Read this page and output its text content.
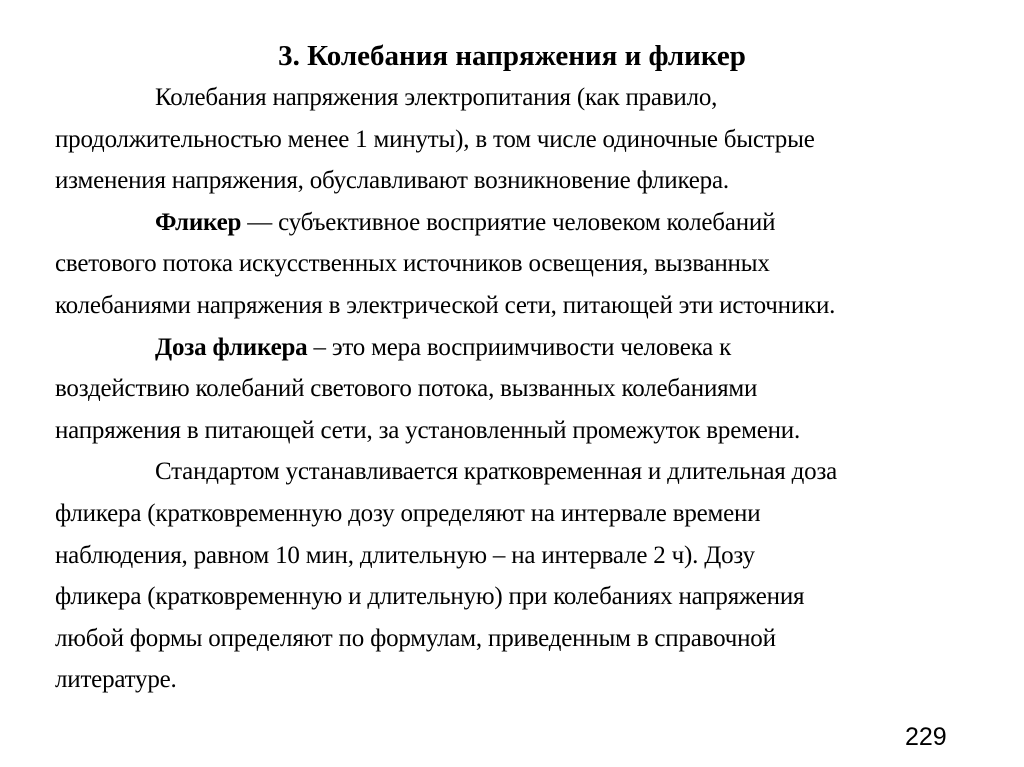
3. Колебания напряжения и фликер
Колебания напряжения электропитания (как правило,
продолжительностью менее 1 минуты), в том числе одиночные быстрые
изменения напряжения, обуславливают возникновение фликера.
Фликер — субъективное восприятие человеком колебаний
светового потока искусственных источников освещения, вызванных
колебаниями напряжения в электрической сети, питающей эти источники.
Доза фликера – это мера восприимчивости человека к
воздействию колебаний светового потока, вызванных колебаниями
напряжения в питающей сети, за установленный промежуток времени.
Стандартом устанавливается кратковременная и длительная доза
фликера (кратковременную дозу определяют на интервале времени
наблюдения, равном 10 мин, длительную – на интервале 2 ч). Дозу
фликера (кратковременную и длительную) при колебаниях напряжения
любой формы определяют по формулам, приведенным в справочной
литературе.
229
